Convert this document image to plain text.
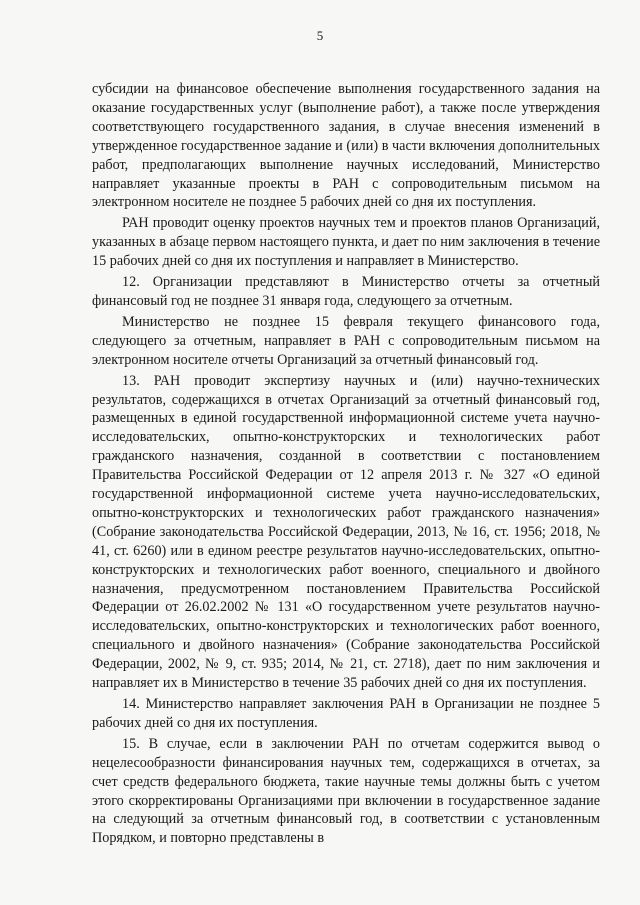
5

субсидии на финансовое обеспечение выполнения государственного задания на оказание государственных услуг (выполнение работ), а также после утверждения соответствующего государственного задания, в случае внесения изменений в утвержденное государственное задание и (или) в части включения дополнительных работ, предполагающих выполнение научных исследований, Министерство направляет указанные проекты в РАН с сопроводительным письмом на электронном носителе не позднее 5 рабочих дней со дня их поступления.

РАН проводит оценку проектов научных тем и проектов планов Организаций, указанных в абзаце первом настоящего пункта, и дает по ним заключения в течение 15 рабочих дней со дня их поступления и направляет в Министерство.

12. Организации представляют в Министерство отчеты за отчетный финансовый год не позднее 31 января года, следующего за отчетным.

Министерство не позднее 15 февраля текущего финансового года, следующего за отчетным, направляет в РАН с сопроводительным письмом на электронном носителе отчеты Организаций за отчетный финансовый год.

13. РАН проводит экспертизу научных и (или) научно-технических результатов, содержащихся в отчетах Организаций за отчетный финансовый год, размещенных в единой государственной информационной системе учета научно-исследовательских, опытно-конструкторских и технологических работ гражданского назначения, созданной в соответствии с постановлением Правительства Российской Федерации от 12 апреля 2013 г. № 327 «О единой государственной информационной системе учета научно-исследовательских, опытно-конструкторских и технологических работ гражданского назначения» (Собрание законодательства Российской Федерации, 2013, № 16, ст. 1956; 2018, № 41, ст. 6260) или в едином реестре результатов научно-исследовательских, опытно-конструкторских и технологических работ военного, специального и двойного назначения, предусмотренном постановлением Правительства Российской Федерации от 26.02.2002 № 131 «О государственном учете результатов научно-исследовательских, опытно-конструкторских и технологических работ военного, специального и двойного назначения» (Собрание законодательства Российской Федерации, 2002, № 9, ст. 935; 2014, № 21, ст. 2718), дает по ним заключения и направляет их в Министерство в течение 35 рабочих дней со дня их поступления.

14. Министерство направляет заключения РАН в Организации не позднее 5 рабочих дней со дня их поступления.

15. В случае, если в заключении РАН по отчетам содержится вывод о нецелесообразности финансирования научных тем, содержащихся в отчетах, за счет средств федерального бюджета, такие научные темы должны быть с учетом этого скорректированы Организациями при включении в государственное задание на следующий за отчетным финансовый год, в соответствии с установленным Порядком, и повторно представлены в
